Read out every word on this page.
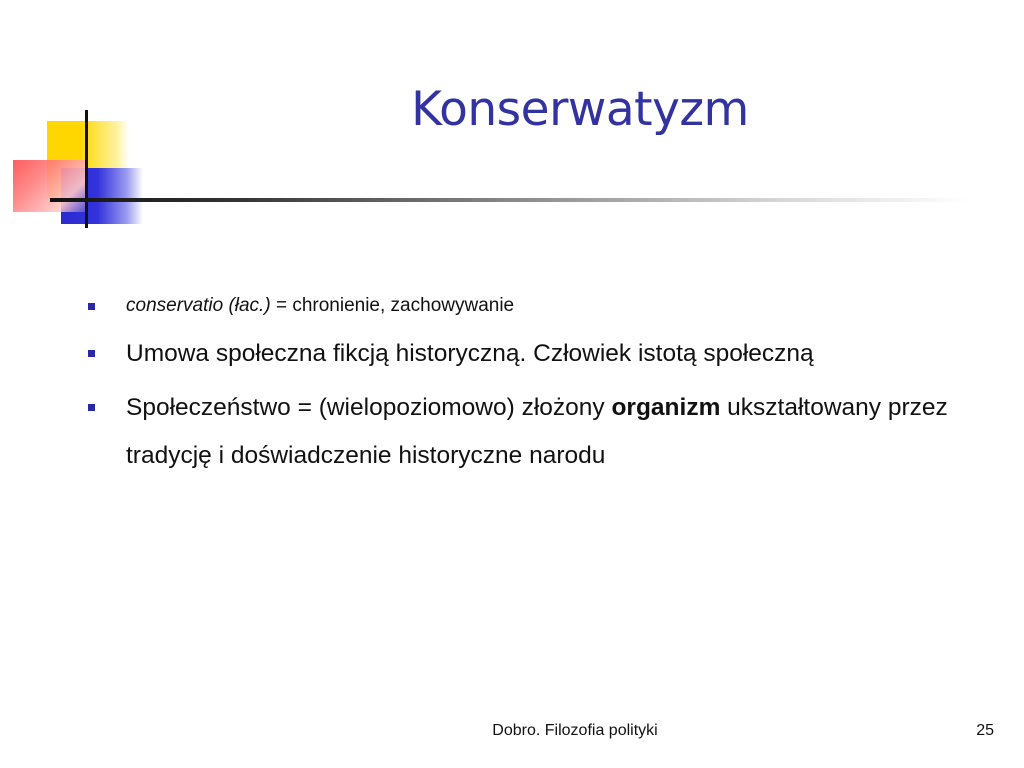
Konserwatyzm
conservatio (łac.) = chronienie, zachowywanie
Umowa społeczna fikcją historyczną. Człowiek istotą społeczną
Społeczeństwo = (wielopoziomowo) złożony organizm ukształtowany przez tradycję i doświadczenie historyczne narodu
Dobro. Filozofia polityki	25
